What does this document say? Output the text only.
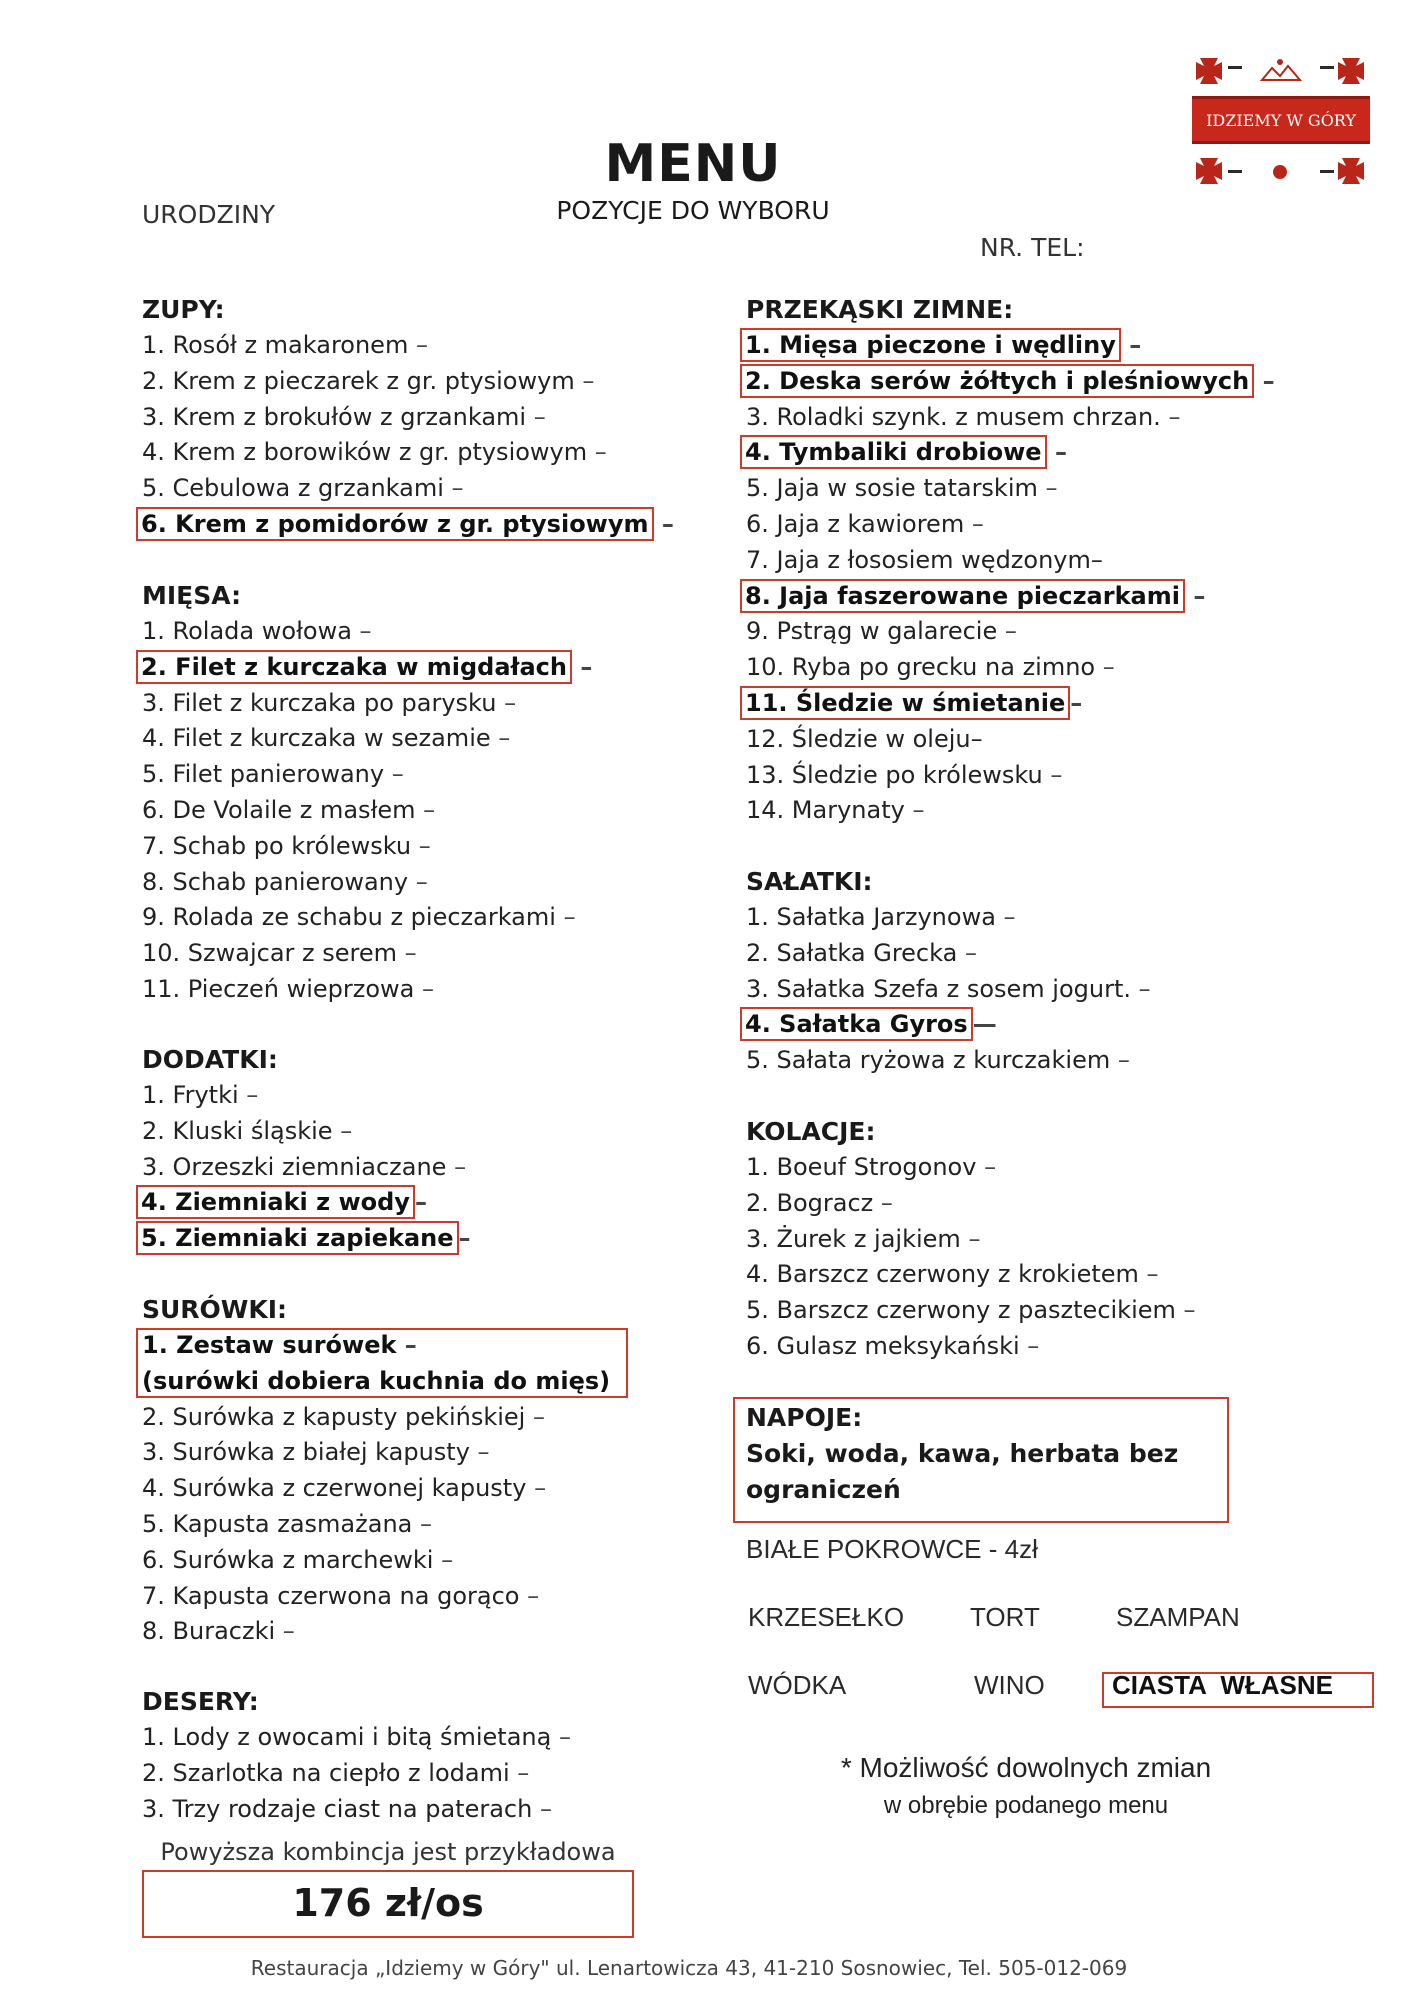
IDZIEMY W GÓRY
MENU
POZYCJE DO WYBORU
URODZINY
NR. TEL:
ZUPY:
1. Rosół z makaronem –
2. Krem z pieczarek z gr. ptysiowym –
3. Krem z brokułów z grzankami –
4. Krem z borowików z gr. ptysiowym –
5. Cebulowa z grzankami –
6. Krem z pomidorów z gr. ptysiowym –
MIĘSA:
1. Rolada wołowa –
2. Filet z kurczaka w migdałach –
3. Filet z kurczaka po parysku –
4. Filet z kurczaka w sezamie –
5. Filet panierowany –
6. De Volaile z masłem –
7. Schab po królewsku –
8. Schab panierowany –
9. Rolada ze schabu z pieczarkami –
10. Szwajcar z serem –
11. Pieczeń wieprzowa –
DODATKI:
1. Frytki –
2. Kluski śląskie –
3. Orzeszki ziemniaczane –
4. Ziemniaki z wody –
5. Ziemniaki zapiekane –
SURÓWKI:
1. Zestaw surówek –
(surówki dobiera kuchnia do mięs)
2. Surówka z kapusty pekińskiej –
3. Surówka z białej kapusty –
4. Surówka z czerwonej kapusty –
5. Kapusta zasmażana –
6. Surówka z marchewki –
7. Kapusta czerwona na gorąco –
8. Buraczki –
DESERY:
1. Lody z owocami i bitą śmietaną –
2. Szarlotka na ciepło z lodami –
3. Trzy rodzaje ciast na paterach –
Powyższa kombincja jest przykładowa
176 zł/os
PRZEKĄSKI ZIMNE:
1. Mięsa pieczone i wędliny –
2. Deska serów żółtych i pleśniowych –
3. Roladki szynk. z musem chrzan. –
4. Tymbaliki drobiowe –
5. Jaja w sosie tatarskim –
6. Jaja z kawiorem –
7. Jaja z łososiem wędzonym–
8. Jaja faszerowane pieczarkami –
9. Pstrąg w galarecie –
10. Ryba po grecku na zimno –
11. Śledzie w śmietanie –
12. Śledzie w oleju–
13. Śledzie po królewsku –
14. Marynaty –
SAŁATKI:
1. Sałatka Jarzynowa –
2. Sałatka Grecka –
3. Sałatka Szefa z sosem jogurt. –
4. Sałatka Gyros —
5. Sałata ryżowa z kurczakiem –
KOLACJE:
1. Boeuf Strogonov –
2. Bogracz –
3. Żurek z jajkiem –
4. Barszcz czerwony z krokietem –
5. Barszcz czerwony z pasztecikiem –
6. Gulasz meksykański –
NAPOJE:
Soki, woda, kawa, herbata bez ograniczeń
BIAŁE POKROWCE - 4zł
KRZESEŁKO	TORT	SZAMPAN
WÓDKA	WINO	CIASTA  WŁASNE
* Możliwość dowolnych zmian
w obrębie podanego menu
Restauracja „Idziemy w Góry" ul. Lenartowicza 43, 41-210 Sosnowiec, Tel. 505-012-069
